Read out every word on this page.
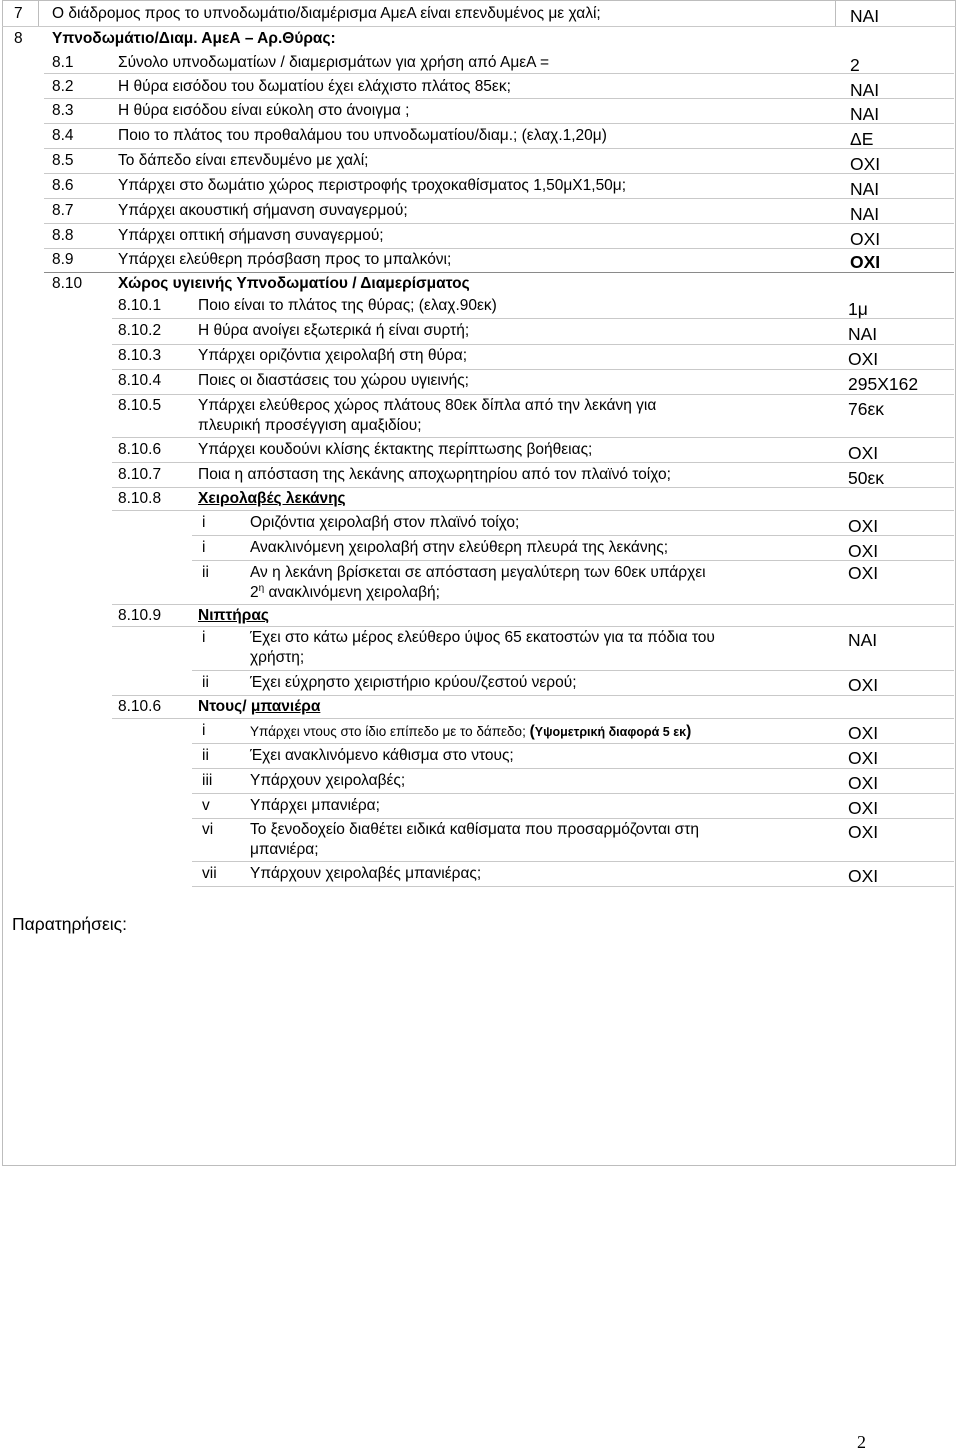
7 Ο διάδρομος προς το υπνοδωμάτιο/διαμέρισμα ΑμεΑ είναι επενδυμένος με χαλί;	ΝΑΙ
8 Υπνοδωμάτιο/Διαμ. ΑμεΑ – Αρ.Θύρας:
8.1	Σύνολο υπνοδωματίων / διαμερισμάτων για χρήση από ΑμεΑ =	2
8.2	Η θύρα εισόδου του δωματίου έχει ελάχιστο πλάτος 85εκ;	ΝΑΙ
8.3	Η θύρα εισόδου είναι εύκολη στο άνοιγμα ;	ΝΑΙ
8.4	Ποιο το πλάτος του προθαλάμου του υπνοδωματίου/διαμ.; (ελαχ.1,20μ)	ΔΕ
8.5	Το δάπεδο είναι επενδυμένο με χαλί;	ΟΧΙ
8.6	Υπάρχει στο δωμάτιο χώρος περιστροφής τροχοκαθίσματος 1,50μΧ1,50μ;	ΝΑΙ
8.7	Υπάρχει ακουστική σήμανση συναγερμού;	ΝΑΙ
8.8	Υπάρχει οπτική σήμανση συναγερμού;	ΟΧΙ
8.9	Υπάρχει ελεύθερη πρόσβαση προς το μπαλκόνι;	ΟΧΙ
8.10 Χώρος υγιεινής Υπνοδωματίου / Διαμερίσματος
8.10.1 Ποιο είναι το πλάτος της θύρας; (ελαχ.90εκ)	1μ
8.10.2 Η θύρα ανοίγει εξωτερικά ή είναι συρτή;	ΝΑΙ
8.10.3 Υπάρχει οριζόντια χειρολαβή στη θύρα;	ΟΧΙ
8.10.4 Ποιες οι διαστάσεις του χώρου υγιεινής;	295Χ162
8.10.5 Υπάρχει ελεύθερος χώρος πλάτους 80εκ δίπλα από την λεκάνη για
πλευρική προσέγγιση αμαξιδίου;
76εκ
8.10.6 Υπάρχει κουδούνι κλίσης έκτακτης περίπτωσης βοήθειας;	ΟΧΙ
8.10.7 Ποια η απόσταση της λεκάνης αποχωρητηρίου από τον πλαϊνό τοίχο;	50εκ
8.10.8 Χειρολαβές λεκάνης
i	Οριζόντια χειρολαβή στον πλαϊνό τοίχο;	ΟΧΙ
i	Ανακλινόμενη χειρολαβή στην ελεύθερη πλευρά της λεκάνης;	ΟΧΙ
ii	Αν η λεκάνη βρίσκεται σε απόσταση μεγαλύτερη των 60εκ υπάρχει
$2^\eta$ ανακλινόμενη χειρολαβή;
ΟΧΙ
8.10.9 Νιπτήρας
i	Έχει στο κάτω μέρος ελεύθερο ύψος 65 εκατοστών για τα πόδια του
χρήστη;
ΝΑΙ
ii	Έχει εύχρηστο χειριστήριο κρύου/ζεστού νερού;	ΟΧΙ
8.10.6 Ντους/ μπανιέρα
i	Υπάρχει ντους στο ίδιο επίπεδο με το δάπεδο; (Υψομετρική διαφορά 5 εκ)	ΟΧΙ
ii	Έχει ανακλινόμενο κάθισμα στο ντους;	ΟΧΙ
iii Υπάρχουν χειρολαβές;	ΟΧΙ
v	Υπάρχει μπανιέρα;	ΟΧΙ
vi Το ξενοδοχείο διαθέτει ειδικά καθίσματα που προσαρμόζονται στη
μπανιέρα;
ΟΧΙ
vii Υπάρχουν χειρολαβές μπανιέρας;	ΟΧΙ
Παρατηρήσεις:
2
